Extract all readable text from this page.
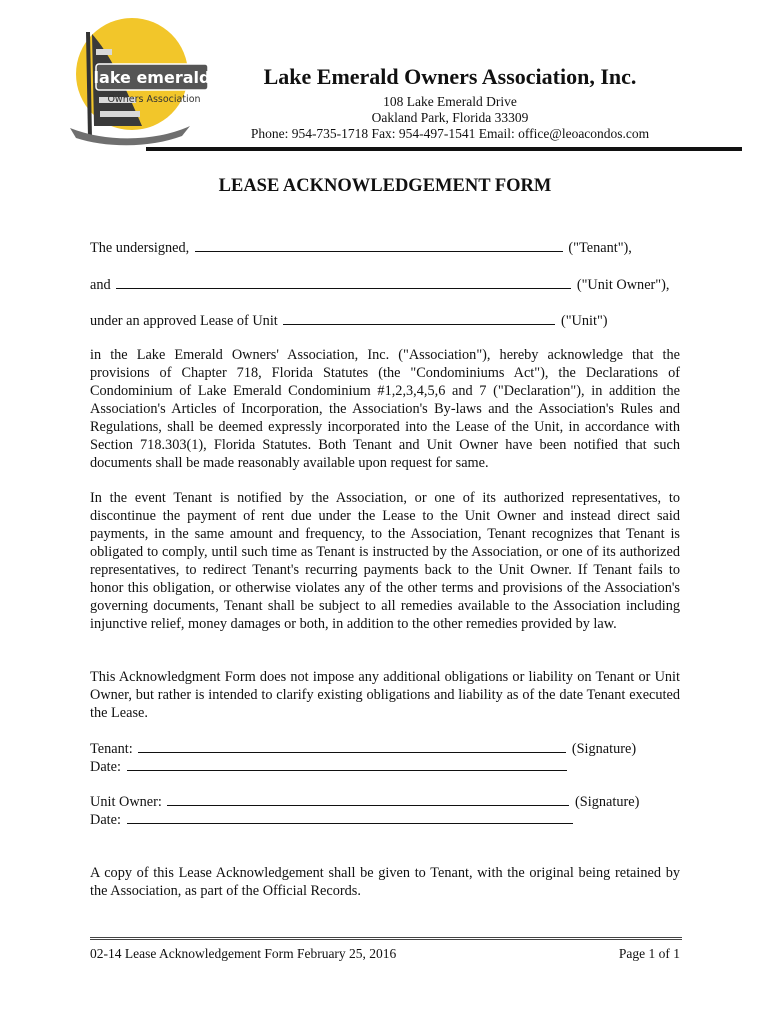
lake emerald
Owners Association
Lake Emerald Owners Association, Inc.
108 Lake Emerald Drive
Oakland Park, Florida 33309
Phone: 954-735-1718 Fax: 954-497-1541 Email: office@leoacondos.com
LEASE ACKNOWLEDGEMENT FORM
The undersigned,	("Tenant"),
and	("Unit Owner"),
under an approved Lease of Unit	("Unit")

in the Lake Emerald Owners' Association, Inc. ("Association"), hereby acknowledge that the provisions of Chapter 718, Florida Statutes (the "Condominiums Act"), the Declarations of Condominium of Lake Emerald Condominium #1,2,3,4,5,6 and 7 ("Declaration"), in addition the Association's Articles of Incorporation, the Association's By-laws and the Association's Rules and Regulations, shall be deemed expressly incorporated into the Lease of the Unit, in accordance with Section 718.303(1), Florida Statutes. Both Tenant and Unit Owner have been notified that such documents shall be made reasonably available upon request for same.

In the event Tenant is notified by the Association, or one of its authorized representatives, to discontinue the payment of rent due under the Lease to the Unit Owner and instead direct said payments, in the same amount and frequency, to the Association, Tenant recognizes that Tenant is obligated to comply, until such time as Tenant is instructed by the Association, or one of its authorized representatives, to redirect Tenant's recurring payments back to the Unit Owner. If Tenant fails to honor this obligation, or otherwise violates any of the other terms and provisions of the Association's governing documents, Tenant shall be subject to all remedies available to the Association including injunctive relief, money damages or both, in addition to the other remedies provided by law.

This Acknowledgment Form does not impose any additional obligations or liability on Tenant or Unit Owner, but rather is intended to clarify existing obligations and liability as of the date Tenant executed the Lease.

Tenant:	(Signature)
Date:
Unit Owner:	(Signature)
Date:

A copy of this Lease Acknowledgement shall be given to Tenant, with the original being retained by the Association, as part of the Official Records.

02-14 Lease Acknowledgement Form February 25, 2016	Page 1 of 1
